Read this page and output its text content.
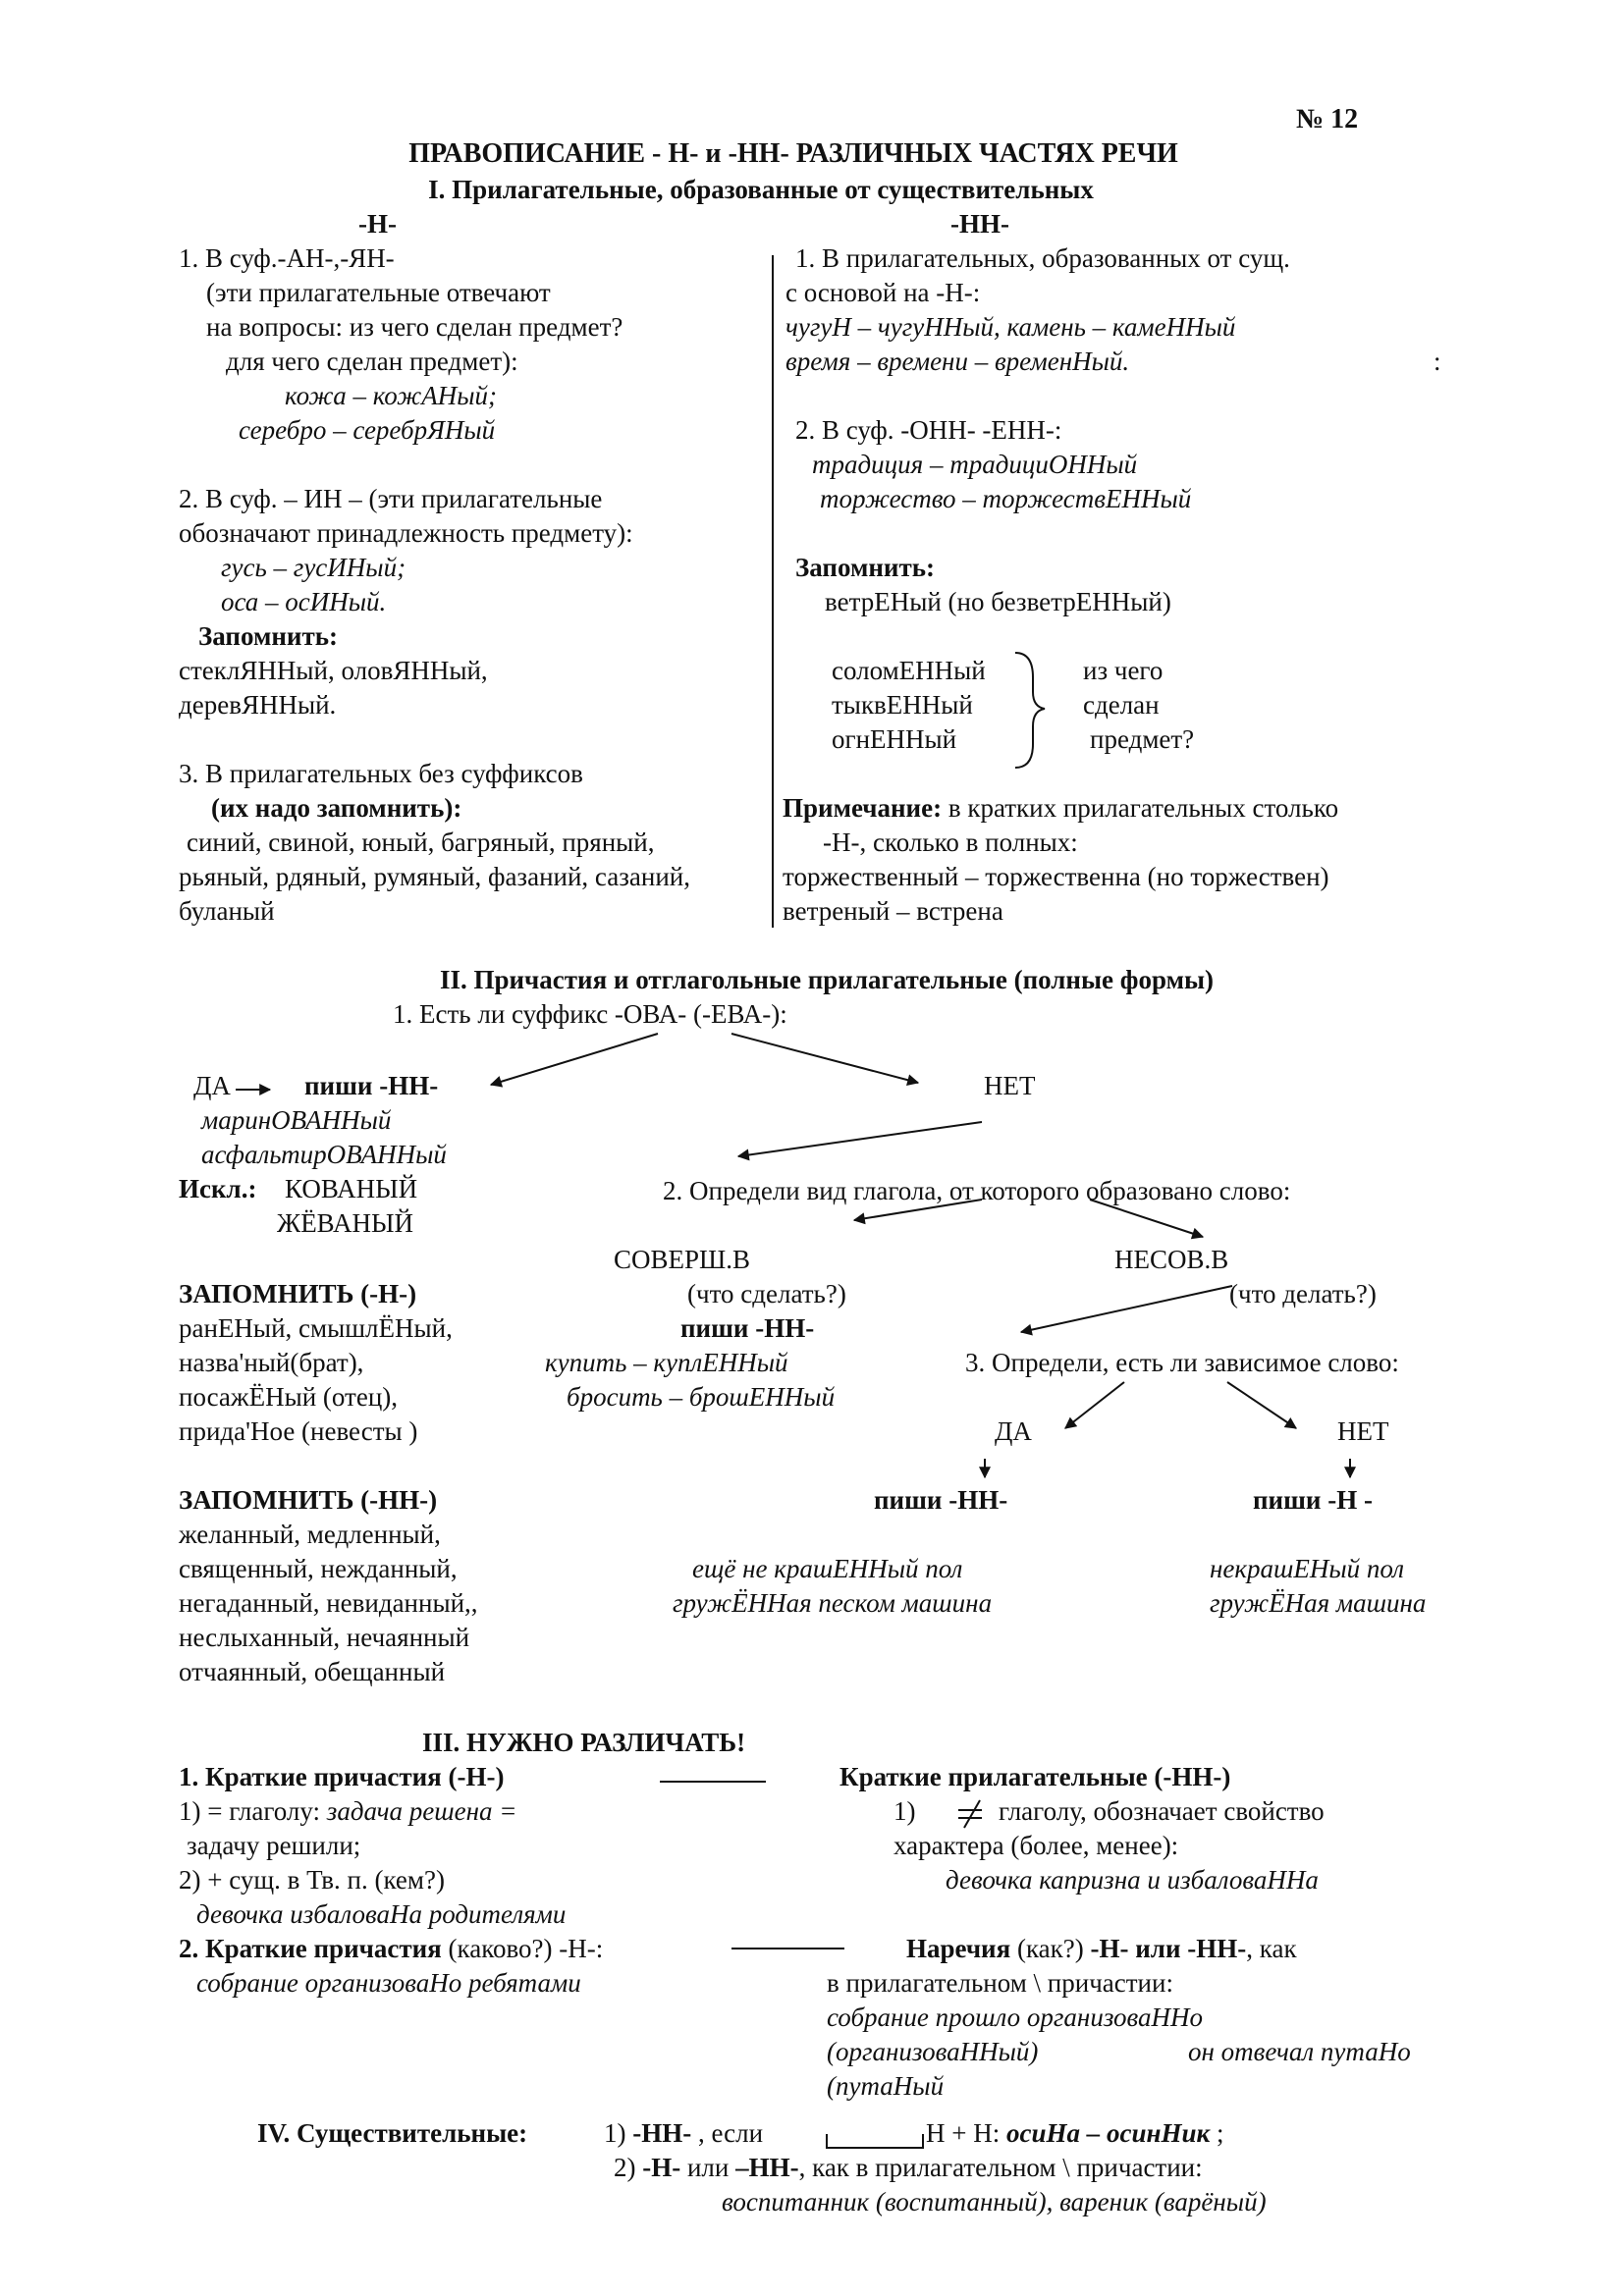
№ 12
ПРАВОПИСАНИЕ - Н- и -НН- РАЗЛИЧНЫХ ЧАСТЯХ РЕЧИ
I. Прилагательные, образованные от существительных
-Н-	-НН-
1. В суф.-АН-,-ЯН-
(эти прилагательные отвечают
на вопросы: из чего сделан предмет?
для чего сделан предмет):
кожа – кожАНый;
серебро – серебрЯНый
2. В суф. – ИН – (эти прилагательные
обозначают принадлежность предмету):
гусь – гусИНый;
оса – осИНый.
Запомнить:
стеклЯННый, оловЯННый,
деревЯННый.
3. В прилагательных без суффиксов
(их надо запомнить):
синий, свиной, юный, багряный, пряный,
рьяный, рдяный, румяный, фазаний, сазаний,
буланый
1. В прилагательных, образованных от сущ.
с основой на -Н-:
чугуН – чугуННый, камень – камеННый
время – времени – временНый.	:
2. В суф. -ОНН- -ЕНН-:
традиция – традициОННый
торжество – торжествЕННый
Запомнить:
ветрЕНый (но безветрЕННый)
соломЕННый
тыквЕННый
огнЕННый
из чего
сделан
предмет?
Примечание: в кратких прилагательных столько
-Н-, сколько в полных:
торжественный – торжественна (но торжествен)
ветреный – встрена
II. Причастия и отглагольные прилагательные (полные формы)
1. Есть ли суффикс -ОВА- (-ЕВА-):
ДА	пиши -НН-
маринОВАННый
асфальтирОВАННый
Искл.: КОВАНЫЙ
ЖЁВАНЫЙ
НЕТ
2. Определи вид глагола, от которого образовано слово:
СОВЕРШ.В
(что сделать?)
пиши -НН-
купить – куплЕННый
бросить – брошЕННый
НЕСОВ.В
(что делать?)
3. Определи, есть ли зависимое слово:
ДА	НЕТ
пиши -НН-	пиши -Н -
ещё не крашЕННый пол
гружЁННая песком машина
некрашЕНый пол
гружЁНая машина
ЗАПОМНИТЬ (-Н-)
ранЕНый, смышлЁНый,
назва'ный(брат),
посажЁНый (отец),
прида'Ное (невесты )
ЗАПОМНИТЬ (-НН-)
желанный, медленный,
священный, нежданный,
негаданный, невиданный,,
неслыханный, нечаянный
отчаянный, обещанный
III. НУЖНО РАЗЛИЧАТЬ!
1. Краткие причастия (-Н-)
1) = глаголу: задача решена =
задачу решили;
2) + сущ. в Тв. п. (кем?)
девочка избаловаНа родителями
Краткие прилагательные (-НН-)
1)	глаголу, обозначает свойство
характера (более, менее):
девочка капризна и избаловаННа
2. Краткие причастия (каково?) -Н-:
собрание организоваНо ребятами
Наречия (как?) -Н- или -НН-, как
в прилагательном \ причастии:
собрание прошло организоваННо
(организоваННый)	он отвечал путаНо
(путаНый
IV. Существительные:	1) -НН- , если	Н + Н: осиНа – осинНик ;
2) -Н- или –НН-, как в прилагательном \ причастии:
воспитанник (воспитанный), вареник (варёный)
